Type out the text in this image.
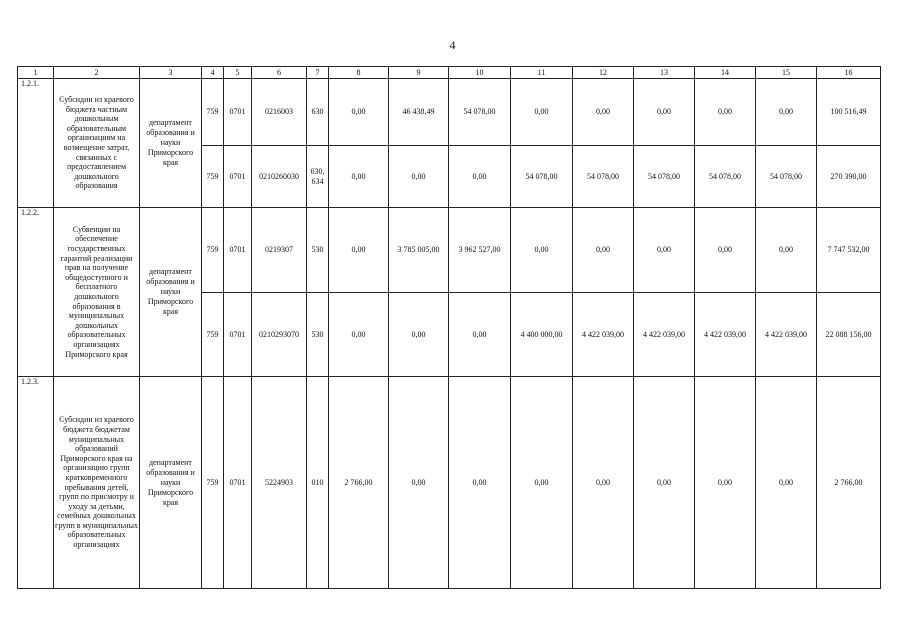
4
1	2	3	4	5	6	7	8	9	10	11	12	13	14	15	16
1.2.1.	Субсидии из краевого бюджета частным дошкольным образовательным организациям на возмещение затрат, связанных с предоставлением дошкольного образования	департамент образования и науки Приморского края	759	0701	0216003	630	0,00	46 438,49	54 078,00	0,00	0,00	0,00	0,00	0,00	100 516,49
			759	0701	0210260030	630, 634	0,00	0,00	0,00	54 078,00	54 078,00	54 078,00	54 078,00	54 078,00	270 390,00
1.2.2.	Субвенции на обеспечение государственных гарантий реализации прав на получение общедоступного и бесплатного дошкольного образования в муниципальных дошкольных образовательных организациях Приморского края	департамент образования и науки Приморского края	759	0701	0219307	530	0,00	3 785 005,00	3 962 527,00	0,00	0,00	0,00	0,00	0,00	7 747 532,00
			759	0701	0210293070	530	0,00	0,00	0,00	4 400 000,00	4 422 039,00	4 422 039,00	4 422 039,00	4 422 039,00	22 088 156,00
1.2.3.	Субсидии из краевого бюджета бюджетам муниципальных образований Приморского края на организацию групп кратковременного пребывания детей, групп по присмотру и уходу за детьми, семейных дошкольных групп в муниципальных образовательных организациях	департамент образования и науки Приморского края	759	0701	5224903	010	2 766,00	0,00	0,00	0,00	0,00	0,00	0,00	0,00	2 766,00
